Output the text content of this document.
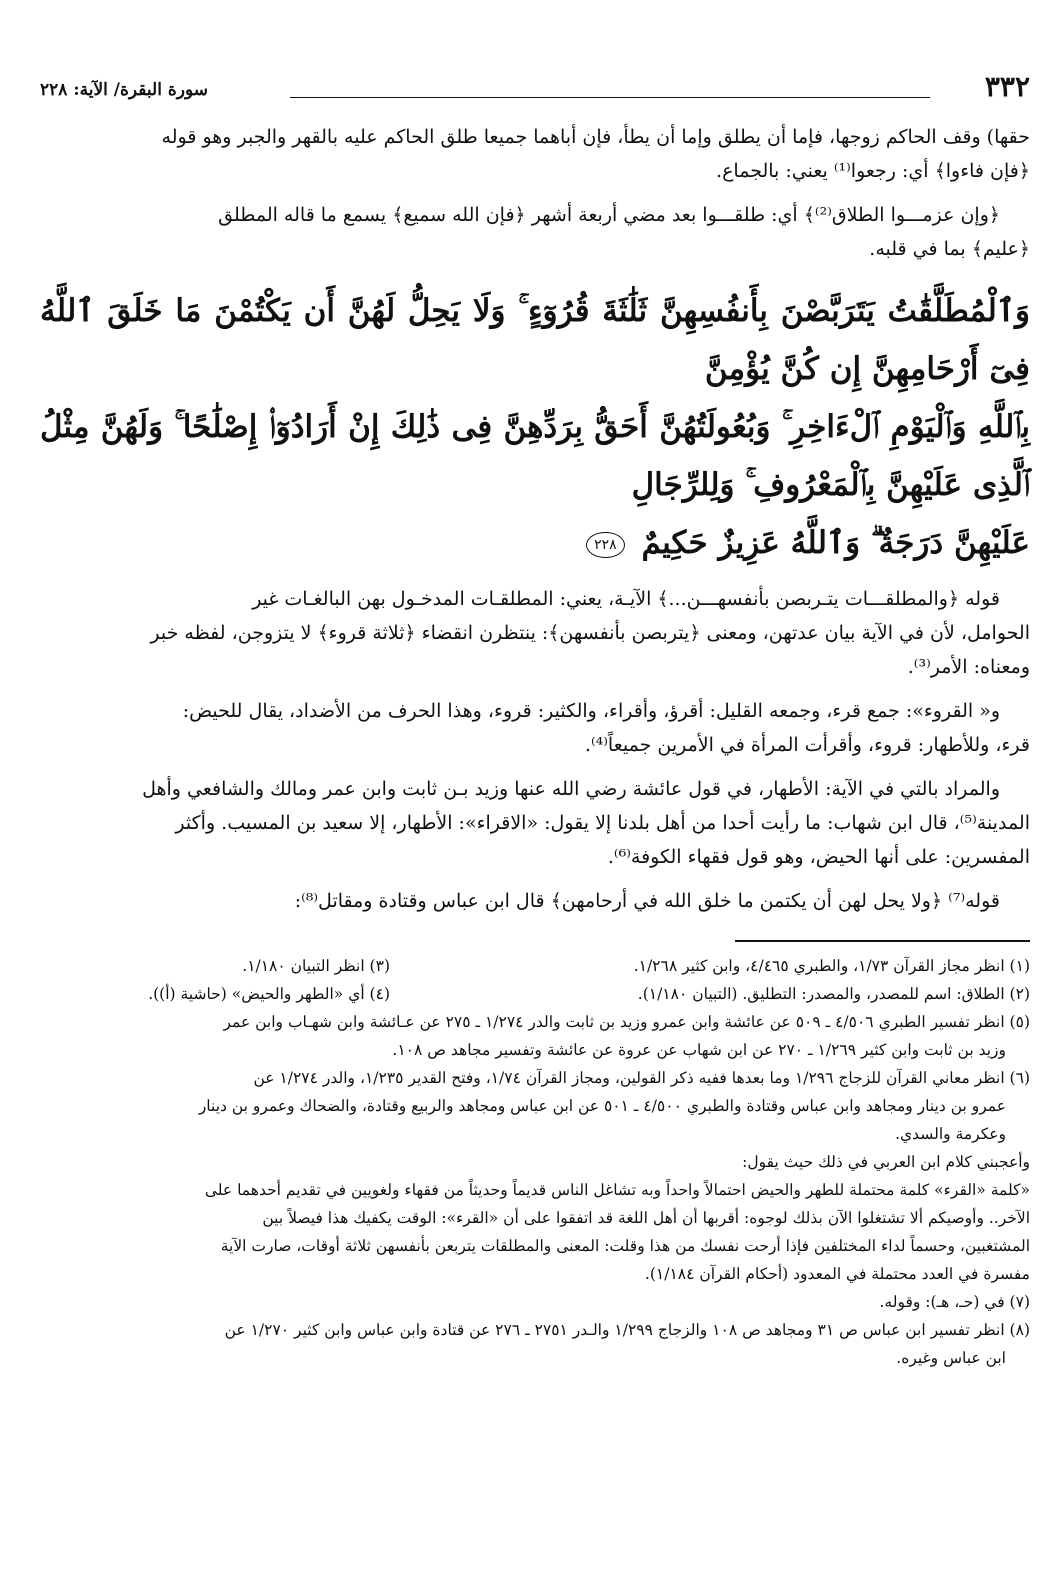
٣٣٢
سورة البقرة/ الآية: ٢٢٨

حقها) وقف الحاكم زوجها، فإما أن يطلق وإما أن يطأ، فإن أباهما جميعا طلق الحاكم عليه بالقهر والجبر وهو قوله
﴿فإن فاءوا﴾ أي: رجعوا⁽¹⁾ يعني: بالجماع.

﴿وإن عزمـــوا الطلاق⁽²⁾﴾ أي: طلقـــوا بعد مضي أربعة أشهر ﴿فإن الله سميع﴾ يسمع ما قاله المطلق
﴿عليم﴾ بما في قلبه.

وَٱلْمُطَلَّقَٰتُ يَتَرَبَّصْنَ بِأَنفُسِهِنَّ ثَلَٰثَةَ قُرُوٓءٍ ۚ وَلَا يَحِلُّ لَهُنَّ أَن يَكْتُمْنَ مَا خَلَقَ ٱللَّهُ فِىٓ أَرْحَامِهِنَّ إِن كُنَّ يُؤْمِنَّ
بِٱللَّهِ وَٱلْيَوْمِ ٱلْءَاخِرِ ۚ وَبُعُولَتُهُنَّ أَحَقُّ بِرَدِّهِنَّ فِى ذَٰلِكَ إِنْ أَرَادُوٓا۟ إِصْلَٰحًا ۚ وَلَهُنَّ مِثْلُ ٱلَّذِى عَلَيْهِنَّ بِٱلْمَعْرُوفِ ۚ وَلِلرِّجَالِ
عَلَيْهِنَّ دَرَجَةٌ ۗ وَٱللَّهُ عَزِيزٌ حَكِيمٌ ٢٢٨

قوله ﴿والمطلقـــات يتـربصن بأنفسهـــن...﴾ الآيـة، يعني: المطلقـات المدخـول بهن البالغـات غير
الحوامل، لأن في الآية بيان عدتهن، ومعنى ﴿يتربصن بأنفسهن﴾: ينتظرن انقضاء ﴿ثلاثة قروء﴾ لا يتزوجن، لفظه خبر
ومعناه: الأمر⁽³⁾.

و« القروء»: جمع قرء، وجمعه القليل: أقرؤ، وأقراء، والكثير: قروء، وهذا الحرف من الأضداد، يقال للحيض:
قرء، وللأطهار: قروء، وأقرأت المرأة في الأمرين جميعاً⁽⁴⁾.

والمراد بالتي في الآية: الأطهار، في قول عائشة رضي الله عنها وزيد بـن ثابت وابن عمر ومالك والشافعي وأهل
المدينة⁽⁵⁾، قال ابن شهاب: ما رأيت أحدا من أهل بلدنا إلا يقول: «الاقراء»: الأطهار، إلا سعيد بن المسيب. وأكثر
المفسرين: على أنها الحيض، وهو قول فقهاء الكوفة⁽⁶⁾.

قوله⁽⁷⁾ ﴿ولا يحل لهن أن يكتمن ما خلق الله في أرحامهن﴾ قال ابن عباس وقتادة ومقاتل⁽⁸⁾:

(١) انظر مجاز القرآن ١/٧٣، والطبري ٤/٤٦٥، وابن كثير ١/٢٦٨.
(٣) انظر التبيان ١/١٨٠.
(٢) الطلاق: اسم للمصدر، والمصدر: التطليق. (التبيان ١/١٨٠).
(٤) أي «الطهر والحيض» (حاشية (أ)).
(٥) انظر تفسير الطبري ٤/٥٠٦ ـ ٥٠٩ عن عائشة وابن عمرو وزيد بن ثابت والدر ١/٢٧٤ ـ ٢٧٥ عن عـائشة وابن شهـاب وابن عمر
وزيد بن ثابت وابن كثير ١/٢٦٩ ـ ٢٧٠ عن ابن شهاب عن عروة عن عائشة وتفسير مجاهد ص ١٠٨.
(٦) انظر معاني القرآن للزجاج ١/٢٩٦ وما بعدها ففيه ذكر القولين، ومجاز القرآن ١/٧٤، وفتح القدير ١/٢٣٥، والدر ١/٢٧٤ عن
عمرو بن دينار ومجاهد وابن عباس وقتادة والطبري ٤/٥٠٠ ـ ٥٠١ عن ابن عباس ومجاهد والربيع وقتادة، والضحاك وعمرو بن دينار
وعكرمة والسدي.
وأعجبني كلام ابن العربي في ذلك حيث يقول:
«كلمة «القرء» كلمة محتملة للطهر والحيض احتمالاً واحداً وبه تشاغل الناس قديماً وحديثاً من فقهاء ولغويين في تقديم أحدهما على
الآخر.. وأوصيكم ألا تشتغلوا الآن بذلك لوجوه: أقربها أن أهل اللغة قد اتفقوا على أن «القرء»: الوقت يكفيك هذا فيصلاً بين
المشتغبين، وحسماً لداء المختلفين فإذا أرحت نفسك من هذا وقلت: المعنى والمطلقات يتربعن بأنفسهن ثلاثة أوقات، صارت الآية
مفسرة في العدد محتملة في المعدود (أحكام القرآن ١/١٨٤).
(٧) في (حـ، هـ): وقوله.
(٨) انظر تفسير ابن عباس ص ٣١ ومجاهد ص ١٠٨ والزجاج ١/٢٩٩ والـدر ٢٧٥١ ـ ٢٧٦ عن قتادة وابن عباس وابن كثير ١/٢٧٠ عن
ابن عباس وغيره.
